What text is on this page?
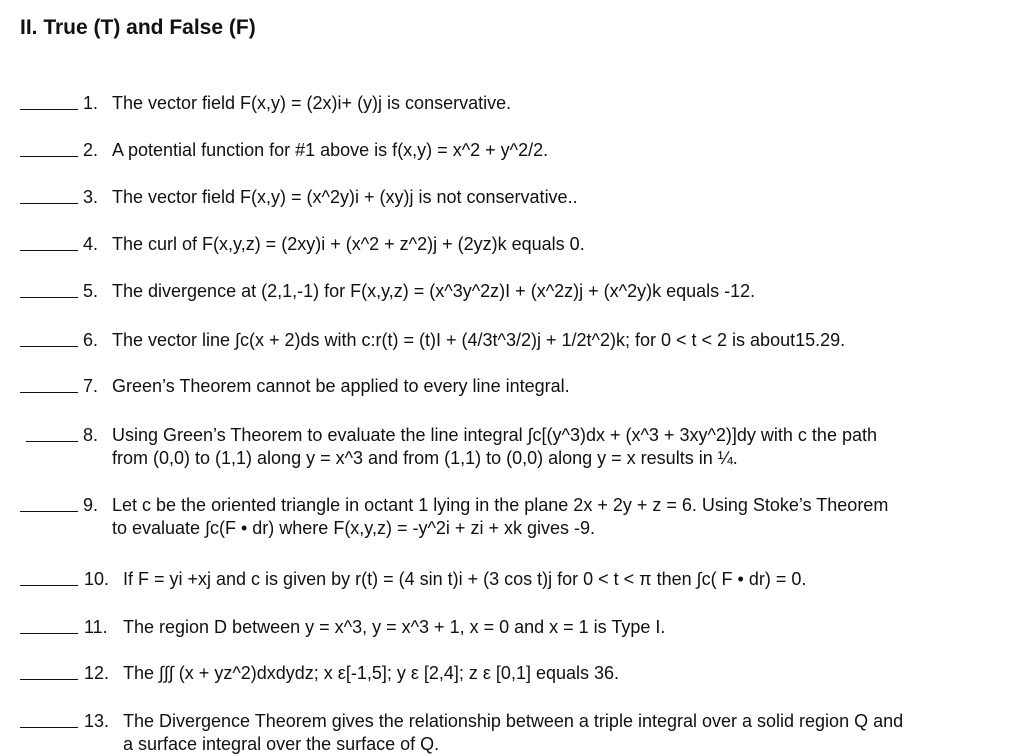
II. True (T) and False (F)
1. The vector field F(x,y) = (2x)i+ (y)j is conservative.
2. A potential function for #1 above is f(x,y) = x^2 + y^2/2.
3. The vector field F(x,y) = (x^2y)i + (xy)j is not conservative..
4. The curl of F(x,y,z) = (2xy)i + (x^2 + z^2)j + (2yz)k equals 0.
5. The divergence at (2,1,-1) for F(x,y,z) = (x^3y^2z)I + (x^2z)j + (x^2y)k equals -12.
6. The vector line ∫c(x + 2)ds with c:r(t) = (t)I + (4/3t^3/2)j + 1/2t^2)k; for 0 < t < 2 is about15.29.
7. Green’s Theorem cannot be applied to every line integral.
8. Using Green’s Theorem to evaluate the line integral ∫c[(y^3)dx + (x^3 + 3xy^2)]dy with c the path
from (0,0) to (1,1) along y = x^3 and from (1,1) to (0,0) along y = x results in ¼.
9. Let c be the oriented triangle in octant 1 lying in the plane 2x + 2y + z = 6. Using Stoke’s Theorem
to evaluate ∫c(F • dr) where F(x,y,z) = -y^2i + zi + xk gives -9.
10. If F = yi +xj and c is given by r(t) = (4 sin t)i + (3 cos t)j for 0 < t < π then ∫c( F • dr) = 0.
11. The region D between y = x^3, y = x^3 + 1, x = 0 and x = 1 is Type I.
12. The ∫∫∫ (x + yz^2)dxdydz; x ε[-1,5]; y ε [2,4]; z ε [0,1] equals 36.
13. The Divergence Theorem gives the relationship between a triple integral over a solid region Q and
a surface integral over the surface of Q.
